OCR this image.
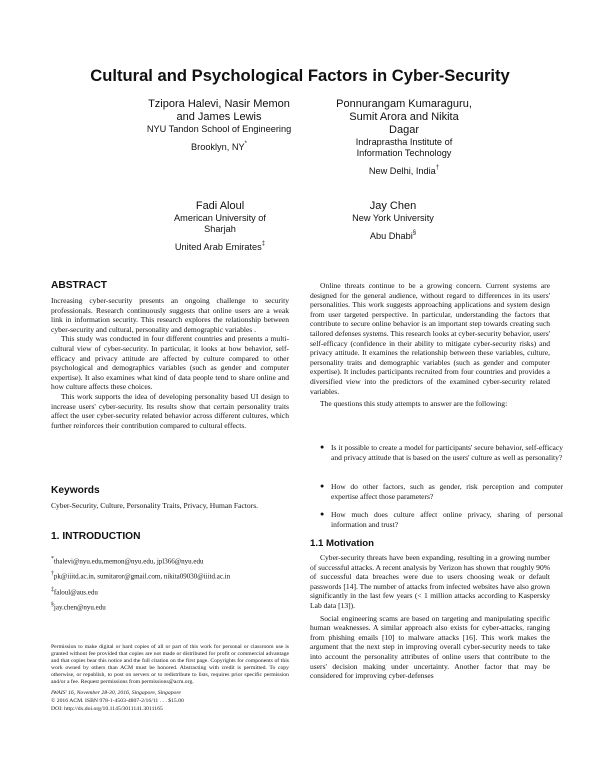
Cultural and Psychological Factors in Cyber-Security
Tzipora Halevi, Nasir Memon and James Lewis
NYU Tandon School of Engineering
Brooklyn, NY*
Ponnurangam Kumaraguru, Sumit Arora and Nikita Dagar
Indraprastha Institute of Information Technology
New Delhi, India†
Fadi Aloul
American University of Sharjah
United Arab Emirates‡
Jay Chen
New York University
Abu Dhabi§
ABSTRACT

Increasing cyber-security presents an ongoing challenge to security professionals. Research continuously suggests that online users are a weak link in information security. This research explores the relationship between cyber-security and cultural, personality and demographic variables .

This study was conducted in four different countries and presents a multi-cultural view of cyber-security. In particular, it looks at how behavior, self-efficacy and privacy attitude are affected by culture compared to other psychological and demographics variables (such as gender and computer expertise). It also examines what kind of data people tend to share online and how culture affects these choices.

This work supports the idea of developing personality based UI design to increase users' cyber-security. Its results show that certain personality traits affect the user cyber-security related behavior across different cultures, which further reinforces their contribution compared to cultural effects.

Keywords
Cyber-Security, Culture, Personality Traits, Privacy, Human Factors.
1. INTRODUCTION
*thalevi@nyu.edu,memon@nyu.edu, jpl366@nyu.edu
†pk@iiitd.ac.in, sumitaror@gmail.com, nikita09030@iiitd.ac.in
‡faloul@aus.edu
§jay.chen@nyu.edu
Permission to make digital or hard copies of all or part of this work for personal or classroom use is granted without fee provided that copies are not made or distributed for profit or commercial advantage and that copies bear this notice and the full citation on the first page. Copyrights for components of this work owned by others than ACM must be honored. Abstracting with credit is permitted. To copy otherwise, or republish, to post on servers or to redistribute to lists, requires prior specific permission and/or a fee. Request permissions from permissions@acm.org.
IWAIS' 16, November 28-30, 2016, Singapore, Singapore
© 2016 ACM. ISBN 978-1-4503-4807-2/16/11 . . . $15.00
DOI: http://dx.doi.org/10.1145/3011141.3011165

Online threats continue to be a growing concern. Current systems are designed for the general audience, without regard to differences in its users' personalities. This work suggests approaching applications and system design from user targeted perspective. In particular, understanding the factors that contribute to secure online behavior is an important step towards creating such tailored defenses systems. This research looks at cyber-security behavior, users' self-efficacy (confidence in their ability to mitigate cyber-security risks) and privacy attitude. It examines the relationship between these variables, culture, personality traits and demographic variables (such as gender and computer expertise). It includes participants recruited from four countries and provides a diversified view into the predictors of the examined cyber-security related variables.

The questions this study attempts to answer are the following:

● Is it possible to create a model for participants' secure behavior, self-efficacy and privacy attitude that is based on the users' culture as well as personality?
● How do other factors, such as gender, risk perception and computer expertise affect those parameters?
● How much does culture affect online privacy, sharing of personal information and trust?
1.1 Motivation

Cyber-security threats have been expanding, resulting in a growing number of successful attacks. A recent analysis by Verizon has shown that roughly 90% of successful data breaches were due to users choosing weak or default passwords [14]. The number of attacks from infected websites have also grown significantly in the last few years (< 1 million attacks according to Kaspersky Lab data [13]).

Social engineering scams are based on targeting and manipulating specific human weaknesses. A similar approach also exists for cyber-attacks, ranging from phishing emails [10] to malware attacks [16]. This work makes the argument that the next step in improving overall cyber-security needs to take into account the personality attributes of online users that contribute to the users' decision making under uncertainty. Another factor that may be considered for improving cyber-defenses
